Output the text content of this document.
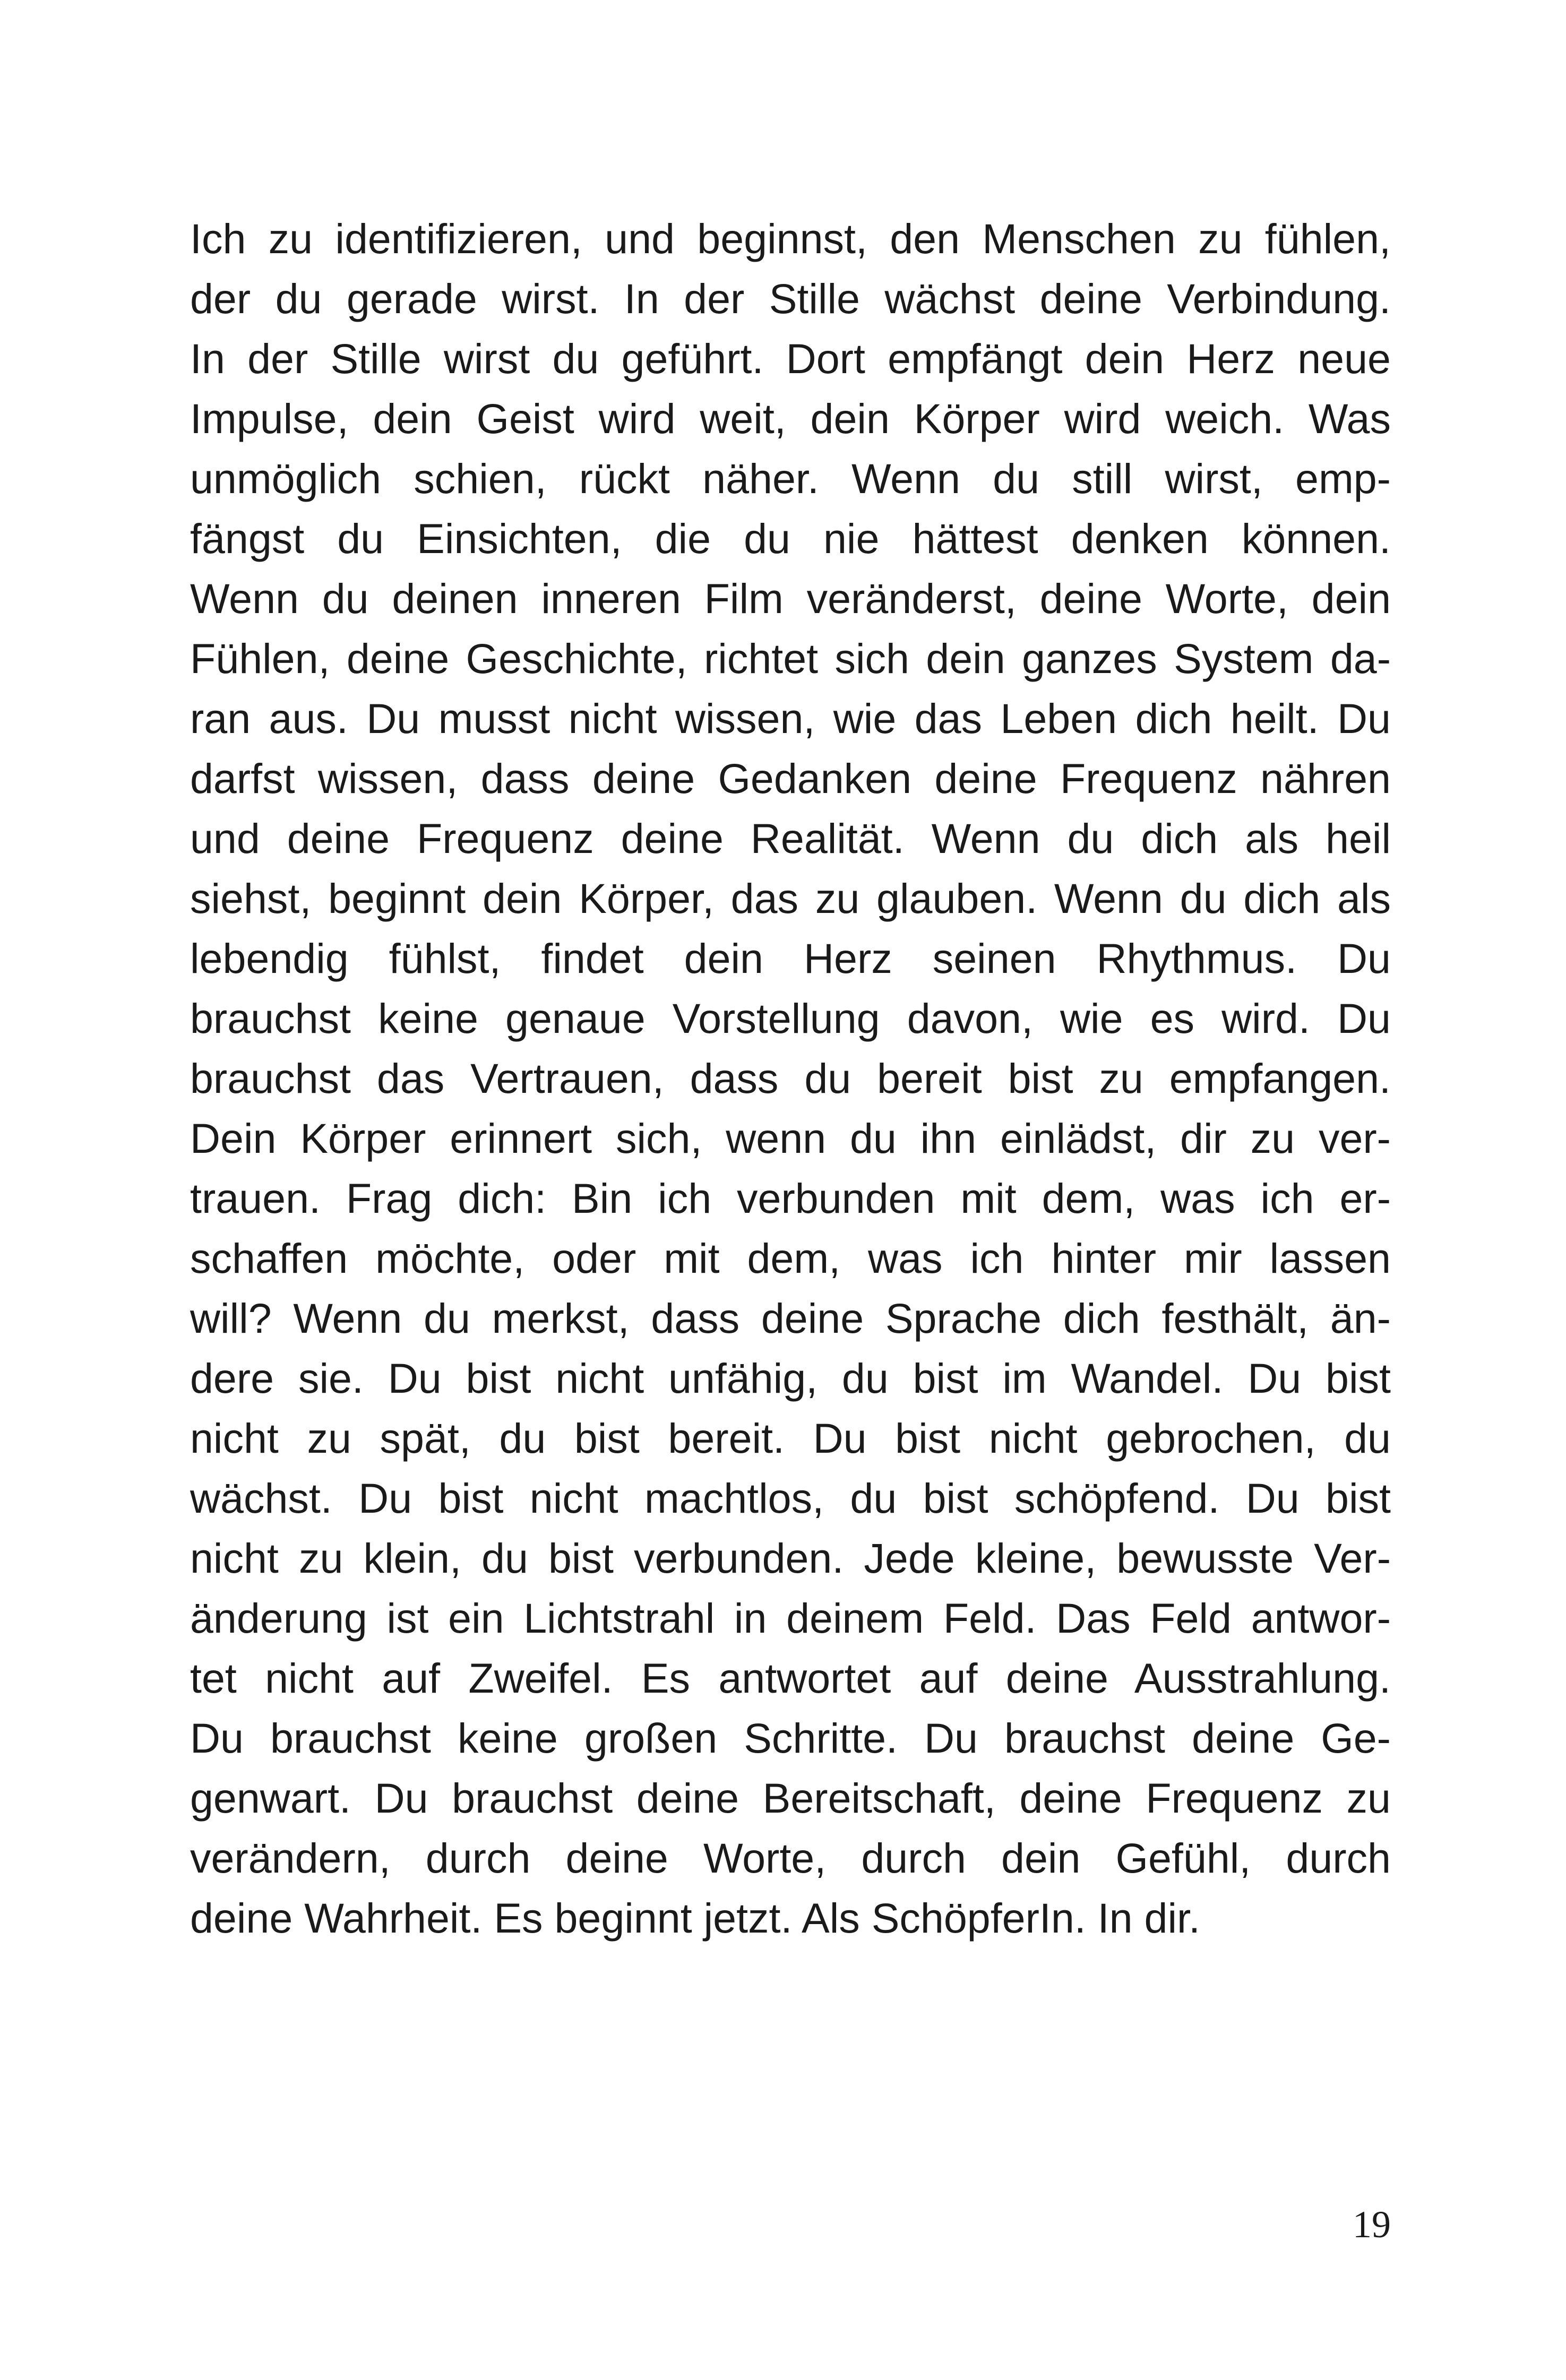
Ich zu identifizieren, und beginnst, den Menschen zu fühlen,
der du gerade wirst. In der Stille wächst deine Verbindung.
In der Stille wirst du geführt. Dort empfängt dein Herz neue
Impulse, dein Geist wird weit, dein Körper wird weich. Was
unmöglich schien, rückt näher. Wenn du still wirst, emp-
fängst du Einsichten, die du nie hättest denken können.
Wenn du deinen inneren Film veränderst, deine Worte, dein
Fühlen, deine Geschichte, richtet sich dein ganzes System da-
ran aus. Du musst nicht wissen, wie das Leben dich heilt. Du
darfst wissen, dass deine Gedanken deine Frequenz nähren
und deine Frequenz deine Realität. Wenn du dich als heil
siehst, beginnt dein Körper, das zu glauben. Wenn du dich als
lebendig fühlst, findet dein Herz seinen Rhythmus. Du
brauchst keine genaue Vorstellung davon, wie es wird. Du
brauchst das Vertrauen, dass du bereit bist zu empfangen.
Dein Körper erinnert sich, wenn du ihn einlädst, dir zu ver-
trauen. Frag dich: Bin ich verbunden mit dem, was ich er-
schaffen möchte, oder mit dem, was ich hinter mir lassen
will? Wenn du merkst, dass deine Sprache dich festhält, än-
dere sie. Du bist nicht unfähig, du bist im Wandel. Du bist
nicht zu spät, du bist bereit. Du bist nicht gebrochen, du
wächst. Du bist nicht machtlos, du bist schöpfend. Du bist
nicht zu klein, du bist verbunden. Jede kleine, bewusste Ver-
änderung ist ein Lichtstrahl in deinem Feld. Das Feld antwor-
tet nicht auf Zweifel. Es antwortet auf deine Ausstrahlung.
Du brauchst keine großen Schritte. Du brauchst deine Ge-
genwart. Du brauchst deine Bereitschaft, deine Frequenz zu
verändern, durch deine Worte, durch dein Gefühl, durch
deine Wahrheit. Es beginnt jetzt. Als SchöpferIn. In dir.
19
